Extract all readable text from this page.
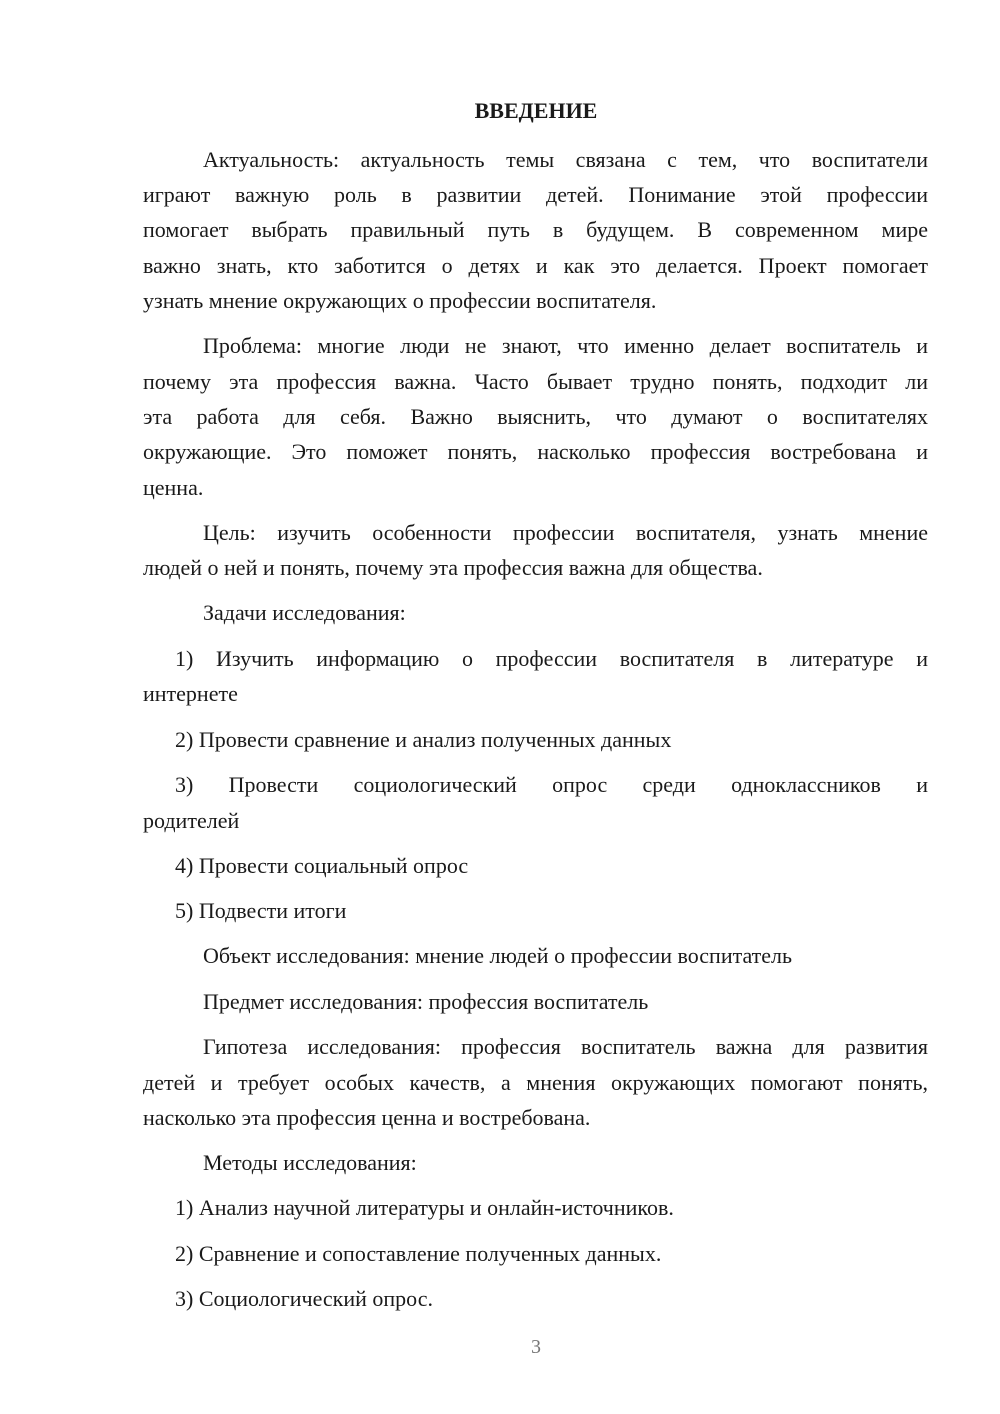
ВВЕДЕНИЕ
Актуальность: актуальность темы связана с тем, что воспитатели
играют важную роль в развитии детей. Понимание этой профессии
помогает выбрать правильный путь в будущем. В современном мире
важно знать, кто заботится о детях и как это делается. Проект помогает
узнать мнение окружающих о профессии воспитателя.
Проблема: многие люди не знают, что именно делает воспитатель и
почему эта профессия важна. Часто бывает трудно понять, подходит ли
эта работа для себя. Важно выяснить, что думают о воспитателях
окружающие. Это поможет понять, насколько профессия востребована и
ценна.
Цель: изучить особенности профессии воспитателя, узнать мнение
людей о ней и понять, почему эта профессия важна для общества.
Задачи исследования:
1) Изучить информацию о профессии воспитателя в литературе и
интернете
2) Провести сравнение и анализ полученных данных
3) Провести социологический опрос среди одноклассников и
родителей
4) Провести социальный опрос
5) Подвести итоги
Объект исследования: мнение людей о профессии воспитатель
Предмет исследования: профессия воспитатель
Гипотеза исследования: профессия воспитатель важна для развития
детей и требует особых качеств, а мнения окружающих помогают понять,
насколько эта профессия ценна и востребована.
Методы исследования:
1) Анализ научной литературы и онлайн-источников.
2) Сравнение и сопоставление полученных данных.
3) Социологический опрос.
3
